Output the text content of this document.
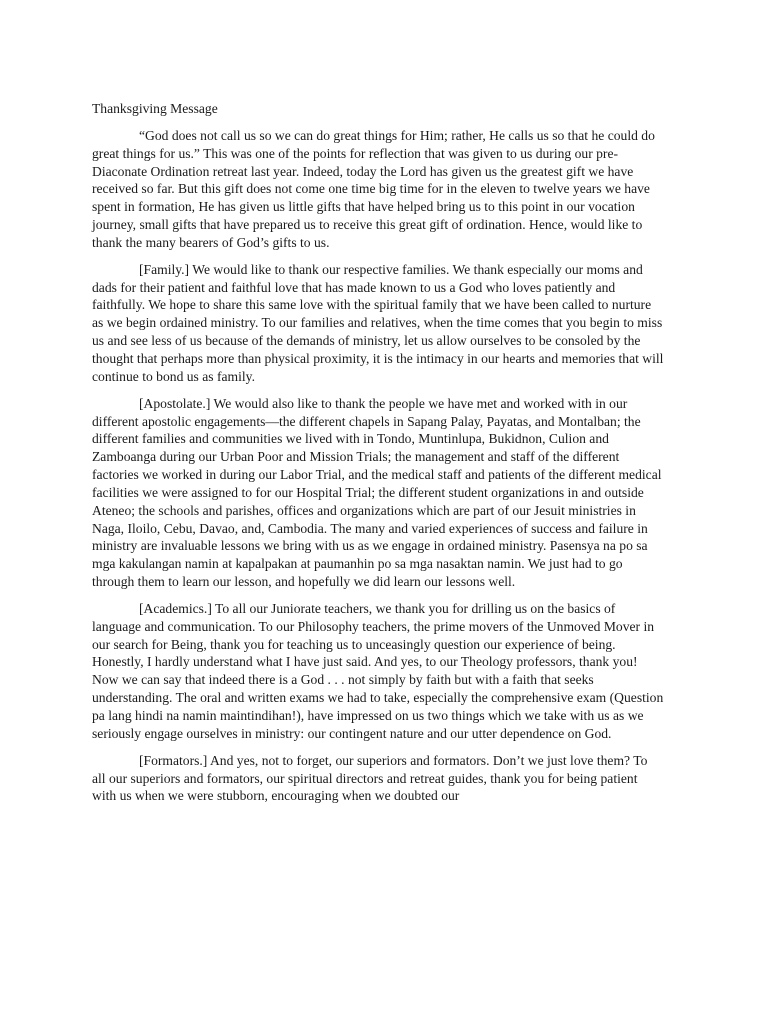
Thanksgiving Message

“God does not call us so we can do great things for Him; rather, He calls us so that he could do great things for us.” This was one of the points for reflection that was given to us during our pre-Diaconate Ordination retreat last year. Indeed, today the Lord has given us the greatest gift we have received so far. But this gift does not come one time big time for in the eleven to twelve years we have spent in formation, He has given us little gifts that have helped bring us to this point in our vocation journey, small gifts that have prepared us to receive this great gift of ordination. Hence, would like to thank the many bearers of God’s gifts to us.

[Family.] We would like to thank our respective families. We thank especially our moms and dads for their patient and faithful love that has made known to us a God who loves patiently and faithfully. We hope to share this same love with the spiritual family that we have been called to nurture as we begin ordained ministry. To our families and relatives, when the time comes that you begin to miss us and see less of us because of the demands of ministry, let us allow ourselves to be consoled by the thought that perhaps more than physical proximity, it is the intimacy in our hearts and memories that will continue to bond us as family.

[Apostolate.] We would also like to thank the people we have met and worked with in our different apostolic engagements—the different chapels in Sapang Palay, Payatas, and Montalban; the different families and communities we lived with in Tondo, Muntinlupa, Bukidnon, Culion and Zamboanga during our Urban Poor and Mission Trials; the management and staff of the different factories we worked in during our Labor Trial, and the medical staff and patients of the different medical facilities we were assigned to for our Hospital Trial; the different student organizations in and outside Ateneo; the schools and parishes, offices and organizations which are part of our Jesuit ministries in Naga, Iloilo, Cebu, Davao, and, Cambodia. The many and varied experiences of success and failure in ministry are invaluable lessons we bring with us as we engage in ordained ministry. Pasensya na po sa mga kakulangan namin at kapalpakan at paumanhin po sa mga nasaktan namin. We just had to go through them to learn our lesson, and hopefully we did learn our lessons well.

[Academics.] To all our Juniorate teachers, we thank you for drilling us on the basics of language and communication. To our Philosophy teachers, the prime movers of the Unmoved Mover in our search for Being, thank you for teaching us to unceasingly question our experience of being. Honestly, I hardly understand what I have just said. And yes, to our Theology professors, thank you! Now we can say that indeed there is a God . . . not simply by faith but with a faith that seeks understanding. The oral and written exams we had to take, especially the comprehensive exam (Question pa lang hindi na namin maintindihan!), have impressed on us two things which we take with us as we seriously engage ourselves in ministry: our contingent nature and our utter dependence on God.

[Formators.] And yes, not to forget, our superiors and formators. Don’t we just love them? To all our superiors and formators, our spiritual directors and retreat guides, thank you for being patient with us when we were stubborn, encouraging when we doubted our
